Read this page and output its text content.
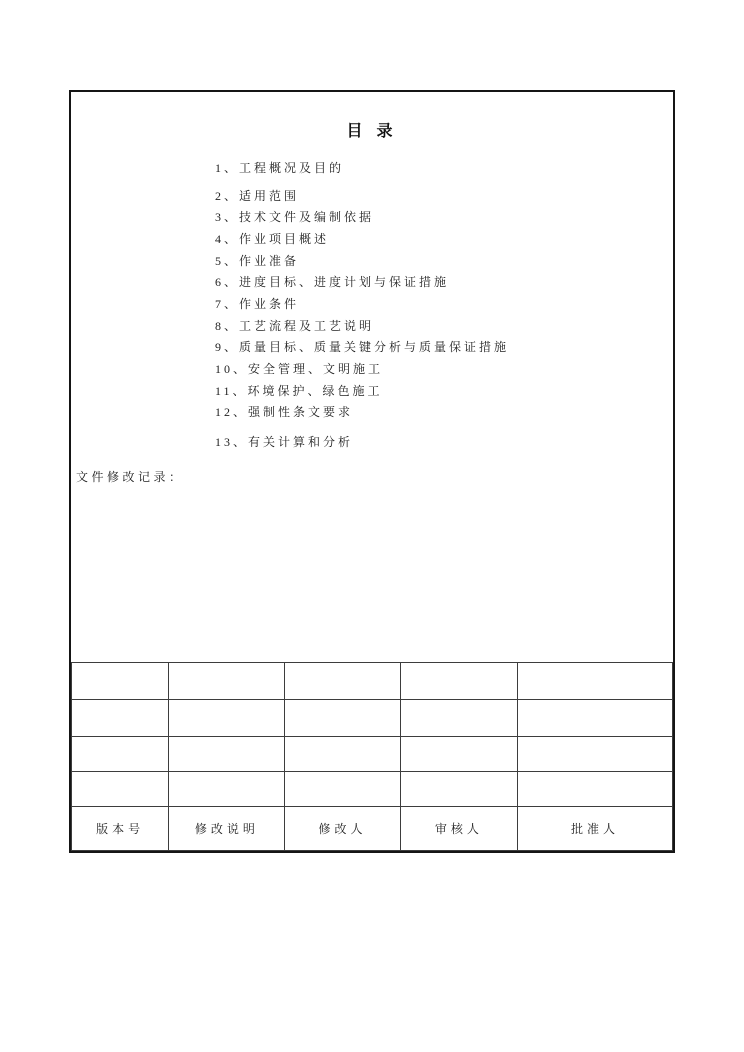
目 录
1、工程概况及目的
2、适用范围
3、技术文件及编制依据
4、作业项目概述
5、作业准备
6、进度目标、进度计划与保证措施
7、作业条件
8、工艺流程及工艺说明
9、质量目标、质量关键分析与质量保证措施
10、安全管理、文明施工
11、环境保护、绿色施工
12、强制性条文要求
13、有关计算和分析
文件修改记录：

版本号	修改说明	修改人	审核人	批准人
